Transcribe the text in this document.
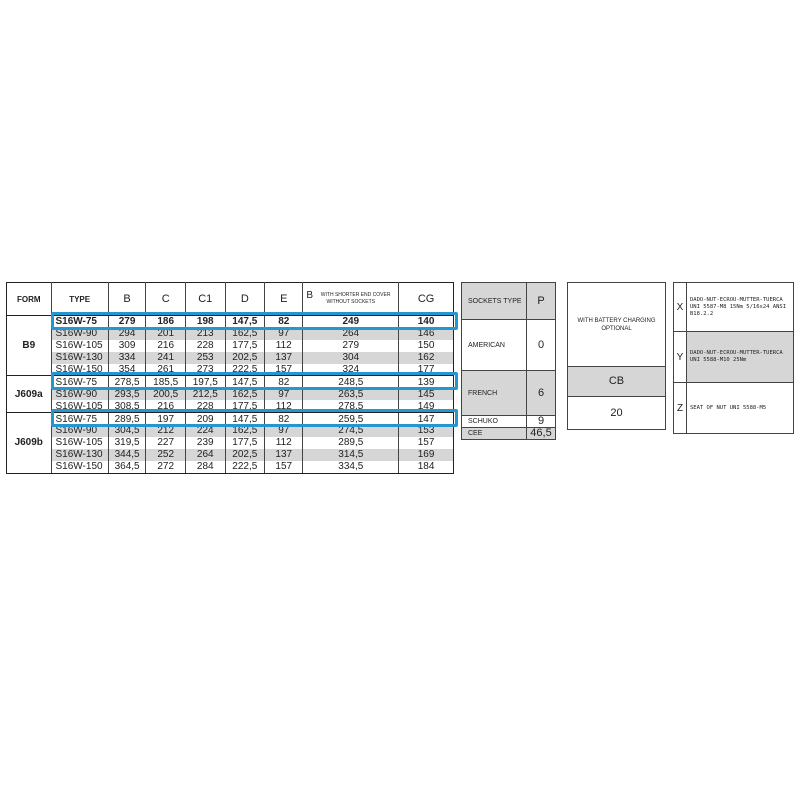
FORM	TYPE	B	C	C1	D	E	B WITH SHORTER END COVER WITHOUT SOCKETS	CG
B9	S16W-75	279	186	198	147,5	82	249	140
	S16W-90	294	201	213	162,5	97	264	146
	S16W-105	309	216	228	177,5	112	279	150
	S16W-130	334	241	253	202,5	137	304	162
	S16W-150	354	261	273	222,5	157	324	177
J609a	S16W-75	278,5	185,5	197,5	147,5	82	248,5	139
	S16W-90	293,5	200,5	212,5	162,5	97	263,5	145
	S16W-105	308,5	216	228	177,5	112	278,5	149
J609b	S16W-75	289,5	197	209	147,5	82	259,5	147
	S16W-90	304,5	212	224	162,5	97	274,5	153
	S16W-105	319,5	227	239	177,5	112	289,5	157
	S16W-130	344,5	252	264	202,5	137	314,5	169
	S16W-150	364,5	272	284	222,5	157	334,5	184
SOCKETS TYPE	P
AMERICAN	0
FRENCH	6
SCHUKO	9
CEE	46,5
WITH BATTERY CHARGING OPTIONAL
CB
20
X	DADO-NUT-ECROU-MUTTER-TUERCA UNI 5587-M8 15Nm 5/16x24 ANSI B18.2.2
Y	DADO-NUT-ECROU-MUTTER-TUERCA UNI 5588-M10 25Nm
Z	SEAT OF NUT UNI 5588-M5
